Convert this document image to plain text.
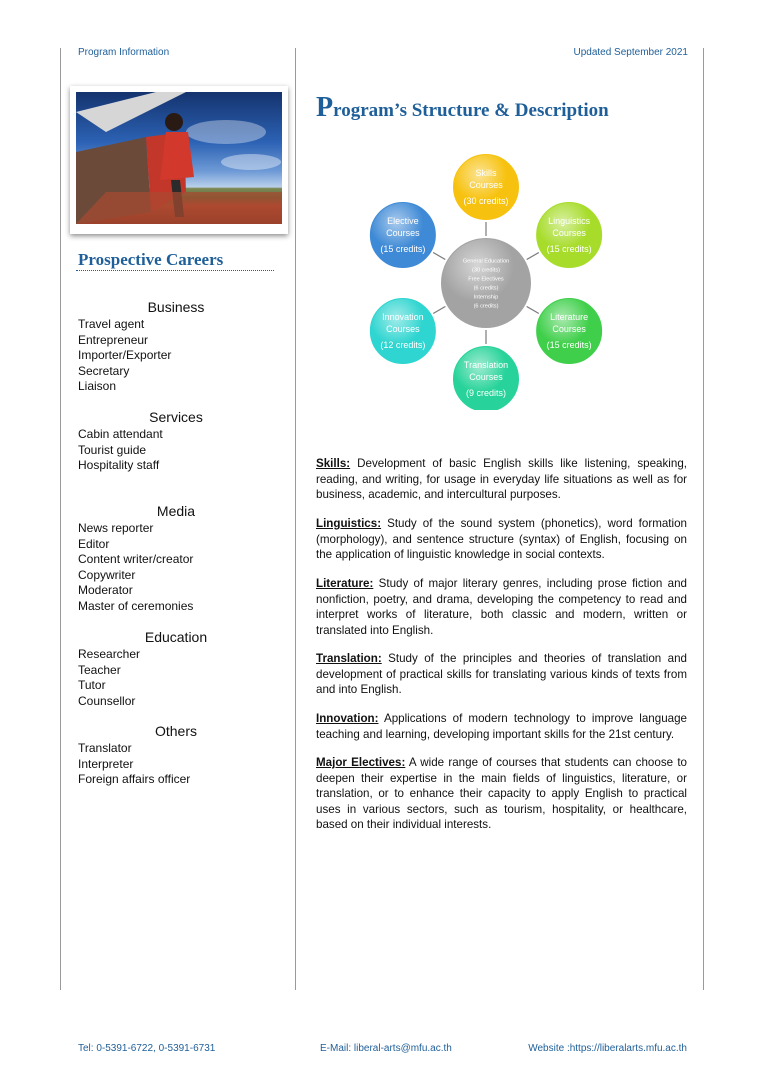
Program Information	Updated September 2021
Prospective Careers
Business
Travel agent
Entrepreneur
Importer/Exporter
Secretary
Liaison
Services
Cabin attendant
Tourist guide
Hospitality staff
Media
News reporter
Editor
Content writer/creator
Copywriter
Moderator
Master of ceremonies
Education
Researcher
Teacher
Tutor
Counsellor
Others
Translator
Interpreter
Foreign affairs officer
Program’s Structure & Description
Skills
Courses
(30 credits)
Linguistics
Courses
(15 credits)
Literature
Courses
(15 credits)
Translation
Courses
(9 credits)
Innovation
Courses
(12 credits)
Elective
Courses
(15 credits)
General Education
(30 credits)
Free Electives
(6 credits)
Internship
(6 credits)
Skills: Development of basic English skills like listening, speaking, reading, and writing, for usage in everyday life situations as well as for business, academic, and intercultural purposes.
Linguistics: Study of the sound system (phonetics), word formation (morphology), and sentence structure (syntax) of English, focusing on the application of linguistic knowledge in social contexts.
Literature: Study of major literary genres, including prose fiction and nonfiction, poetry, and drama, developing the competency to read and interpret works of literature, both classic and modern, written or translated into English.
Translation: Study of the principles and theories of translation and development of practical skills for translating various kinds of texts from and into English.
Innovation: Applications of modern technology to improve language teaching and learning, developing important skills for the 21st century.
Major Electives: A wide range of courses that students can choose to deepen their expertise in the main fields of linguistics, literature, or translation, or to enhance their capacity to apply English to practical uses in various sectors, such as tourism, hospitality, or healthcare, based on their individual interests.
Tel: 0-5391-6722, 0-5391-6731	E-Mail: liberal-arts@mfu.ac.th	Website :https://liberalarts.mfu.ac.th
